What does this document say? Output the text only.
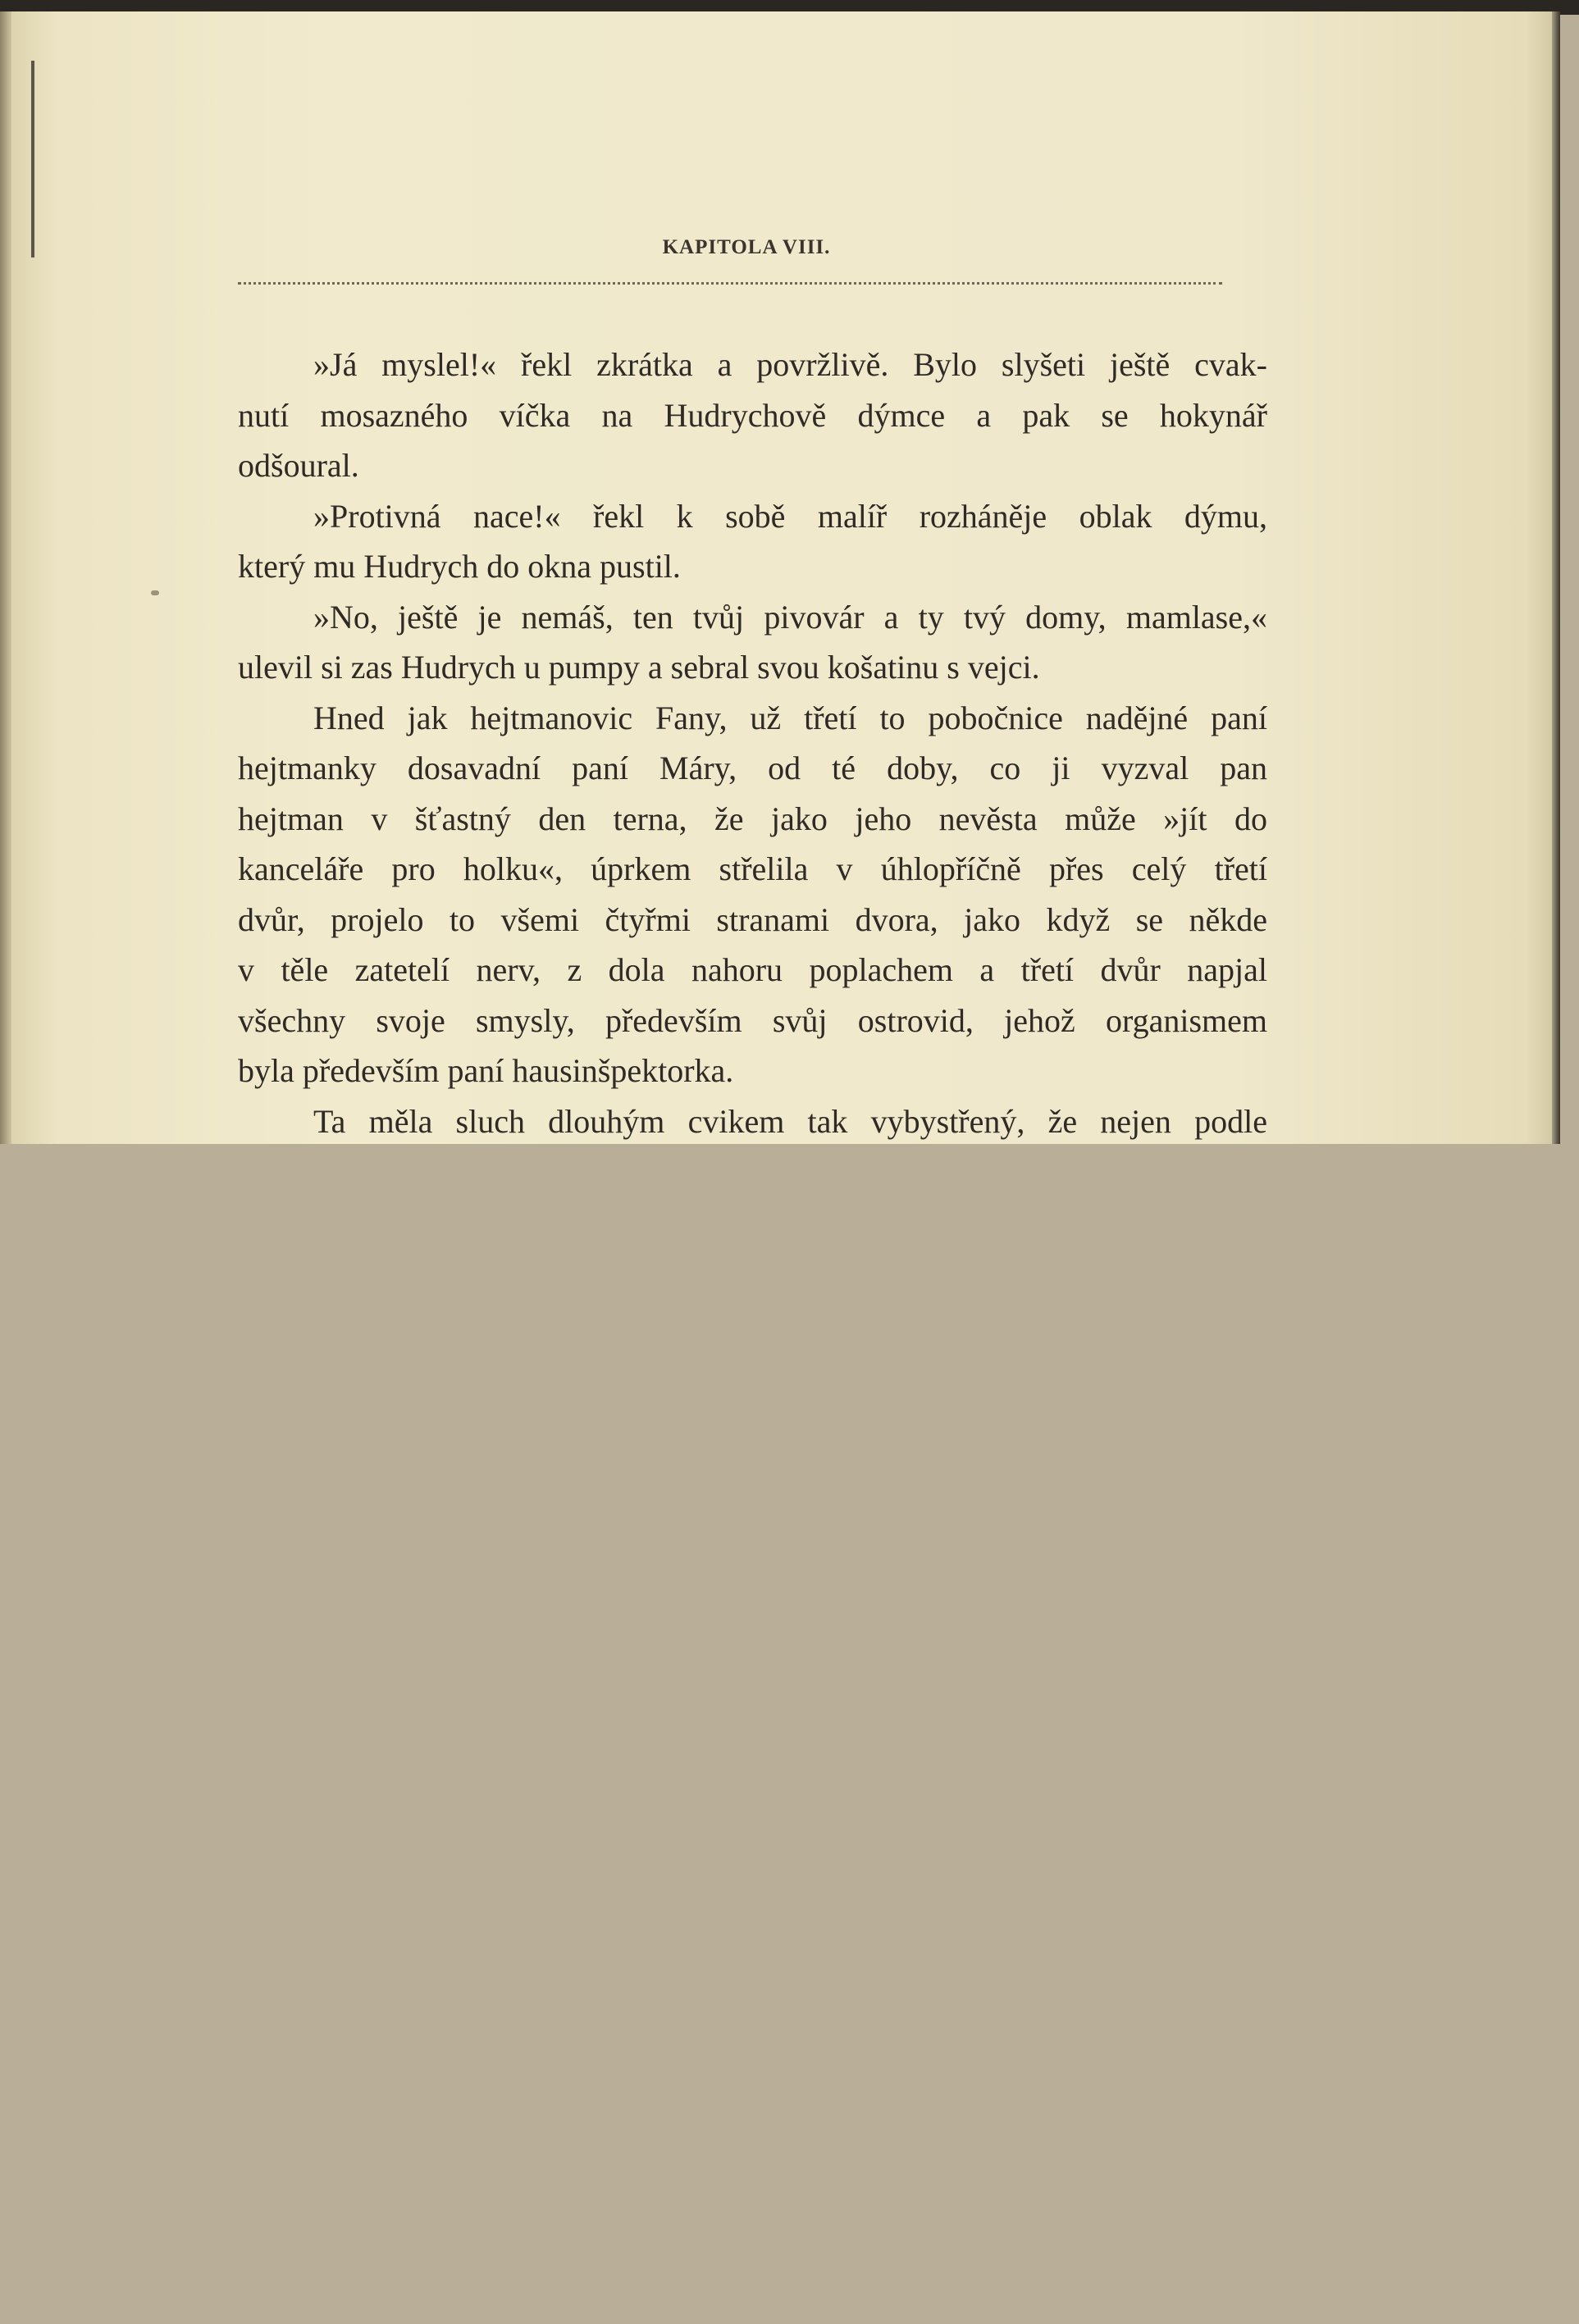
KAPITOLA VIII.
»Já myslel!« řekl zkrátka a povržlivě. Bylo slyšeti ještě cvak-
nutí mosazného víčka na Hudrychově dýmce a pak se hokynář
odšoural.
»Protivná nace!« řekl k sobě malíř rozháněje oblak dýmu,
který mu Hudrych do okna pustil.
»No, ještě je nemáš, ten tvůj pivovár a ty tvý domy, mamlase,«
ulevil si zas Hudrych u pumpy a sebral svou košatinu s vejci.
Hned jak hejtmanovic Fany, už třetí to pobočnice nadějné paní
hejtmanky dosavadní paní Máry, od té doby, co ji vyzval pan
hejtman v šťastný den terna, že jako jeho nevěsta může »jít do
kanceláře pro holku«, úprkem střelila v úhlopříčně přes celý třetí
dvůr, projelo to všemi čtyřmi stranami dvora, jako když se někde
v těle zatetelí nerv, z dola nahoru poplachem a třetí dvůr napjal
všechny svoje smysly, především svůj ostrovid, jehož organismem
byla především paní hausinšpektorka.
Ta měla sluch dlouhým cvikem tak vybystřený, že nejen podle
